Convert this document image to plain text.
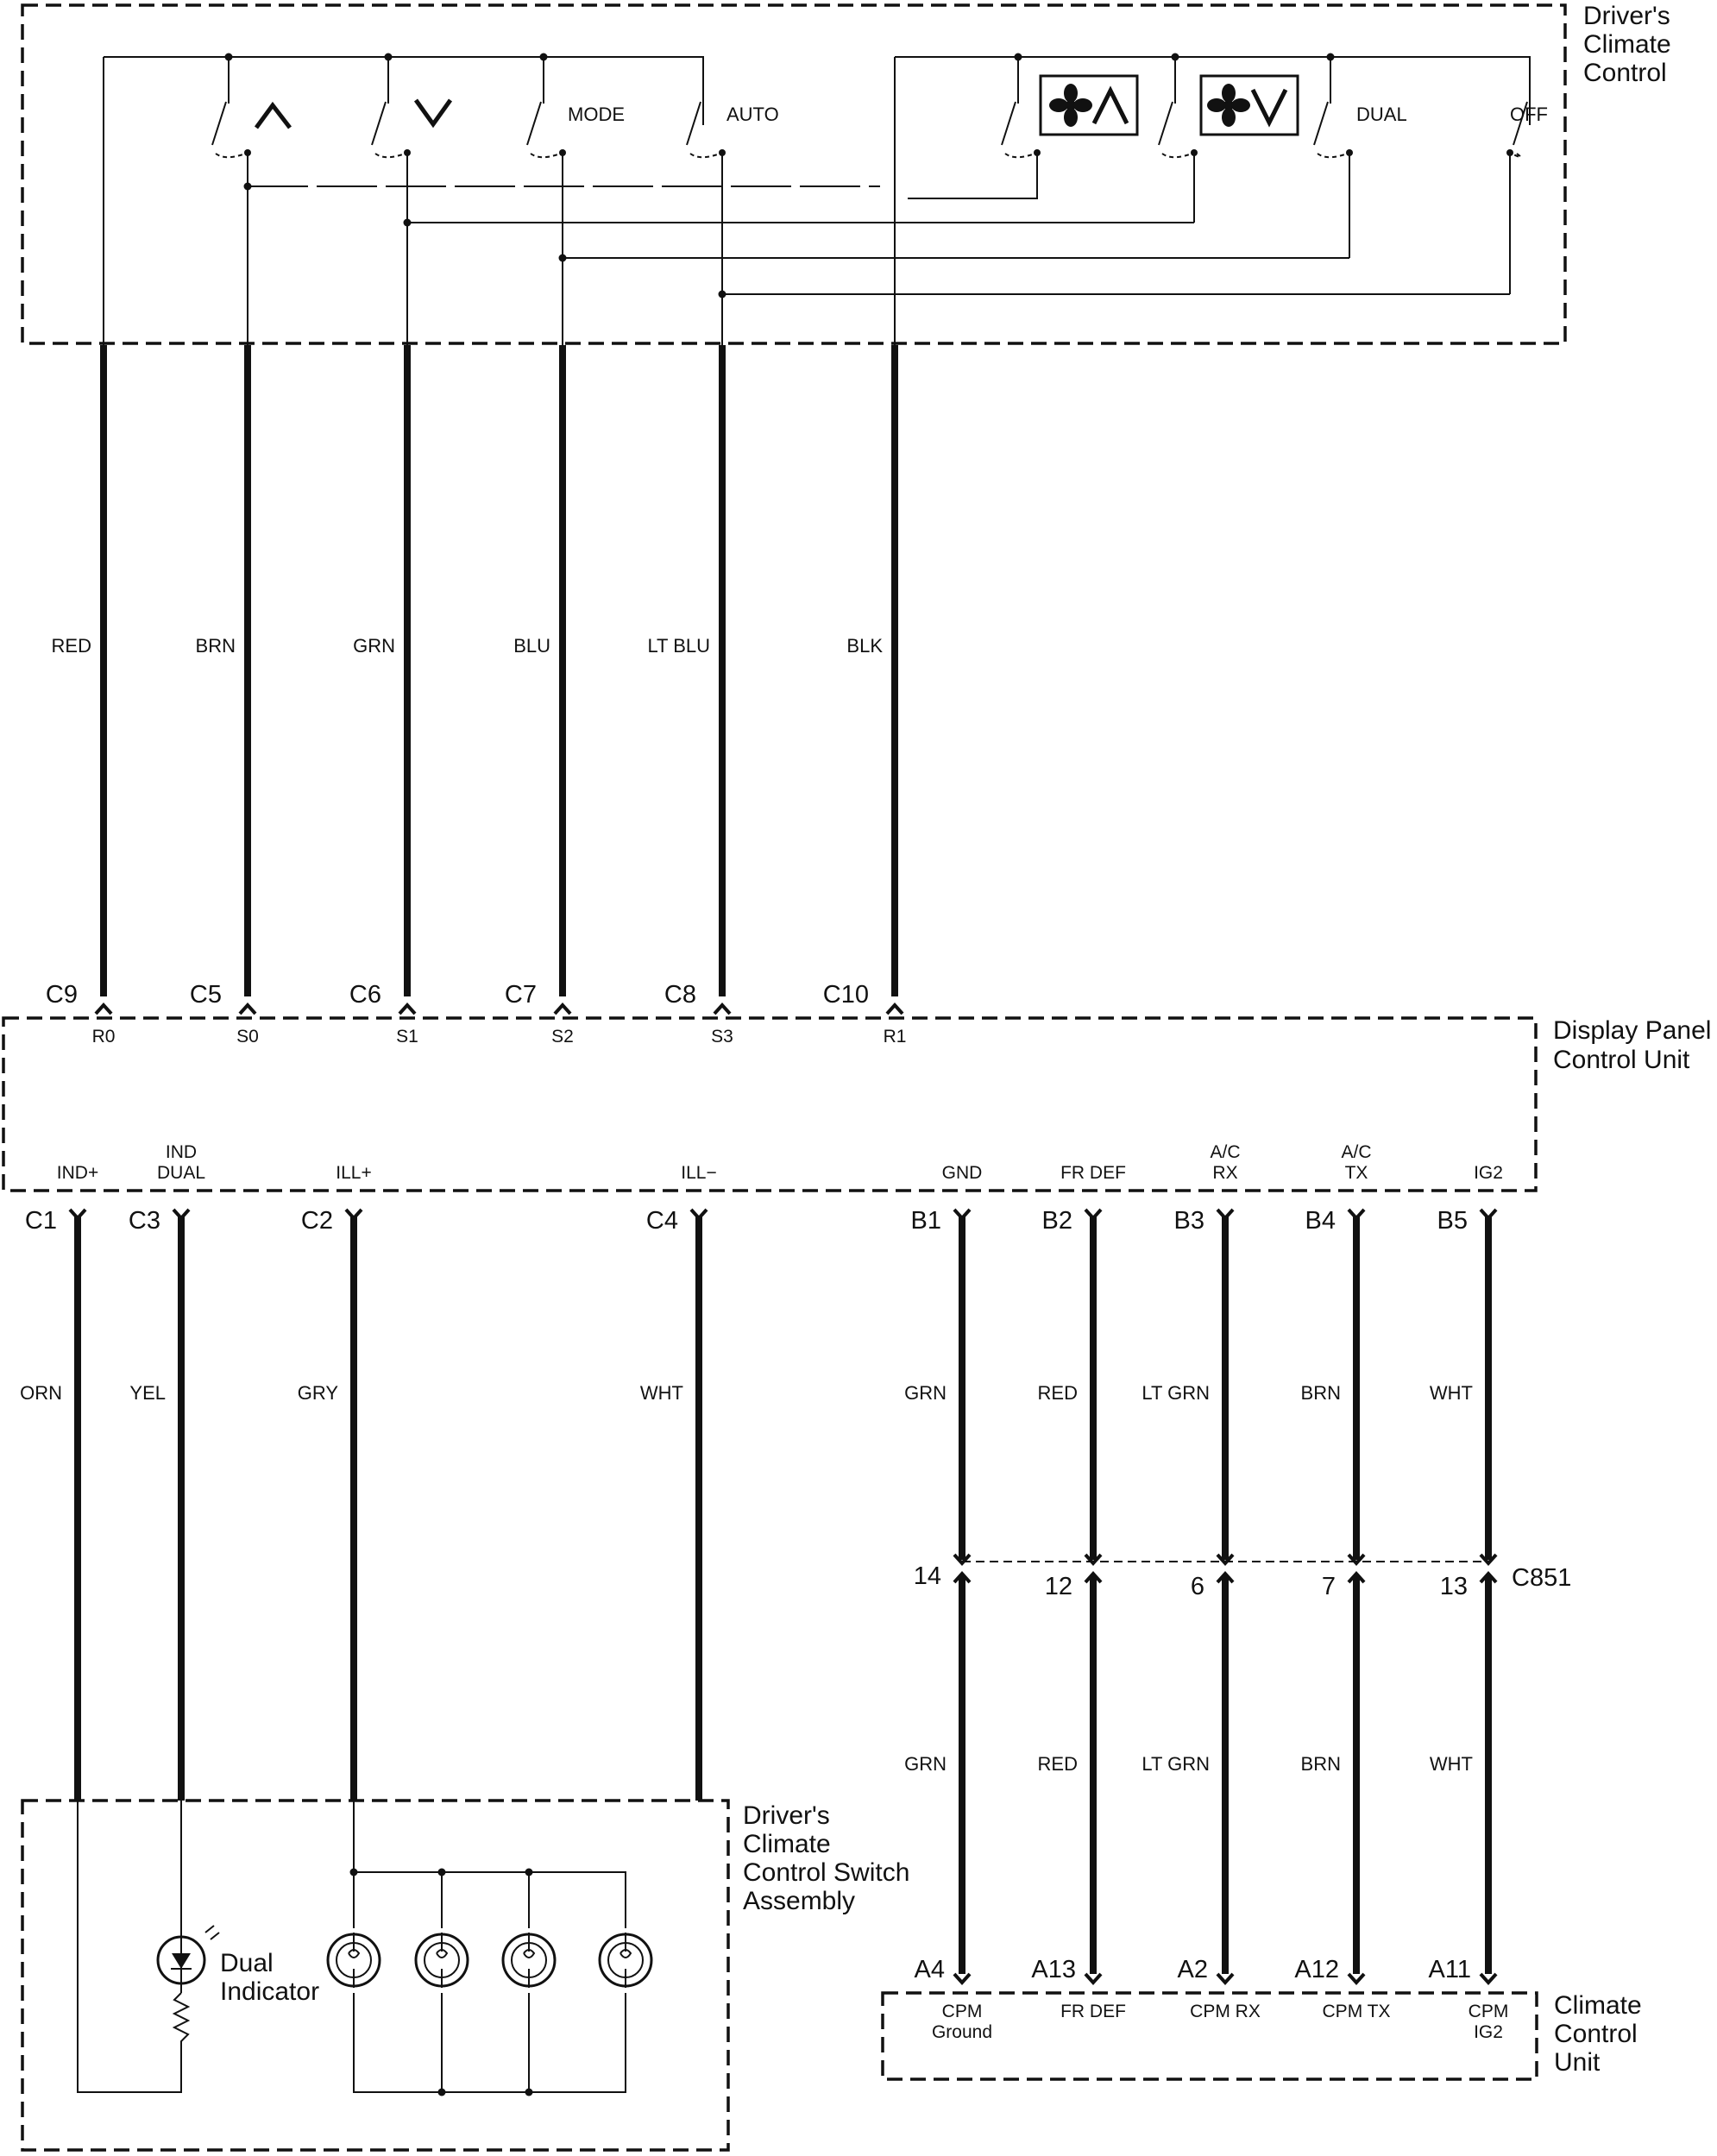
Driver's
Climate
Control
MODE	AUTO	DUAL	OFF
RED
C9
R0
BRN
C5
S0
GRN
C6
S1
BLU
C7
S2
LT BLU
C8
S3
BLK
C10
R1	Display Panel
Control Unit
IND+
C1
ORN
IND
DUAL
C3
YEL
ILL+
C2
GRY
ILL−
C4
WHT
GND
B1
GRN
14
GRN
A4
CPM
Ground
FR DEF
B2
RED
12
RED
A13
FR DEF
A/C
RX
B3
LT GRN
6
LT GRN
A2
CPM RX
A/C
TX
B4
BRN
7
BRN
A12
CPM TX
IG2
B5
WHT
13
WHT
A11
CPM
IG2
C851
Driver's
Climate
Control Switch
Assembly
Dual
Indicator	Climate
Control
Unit
